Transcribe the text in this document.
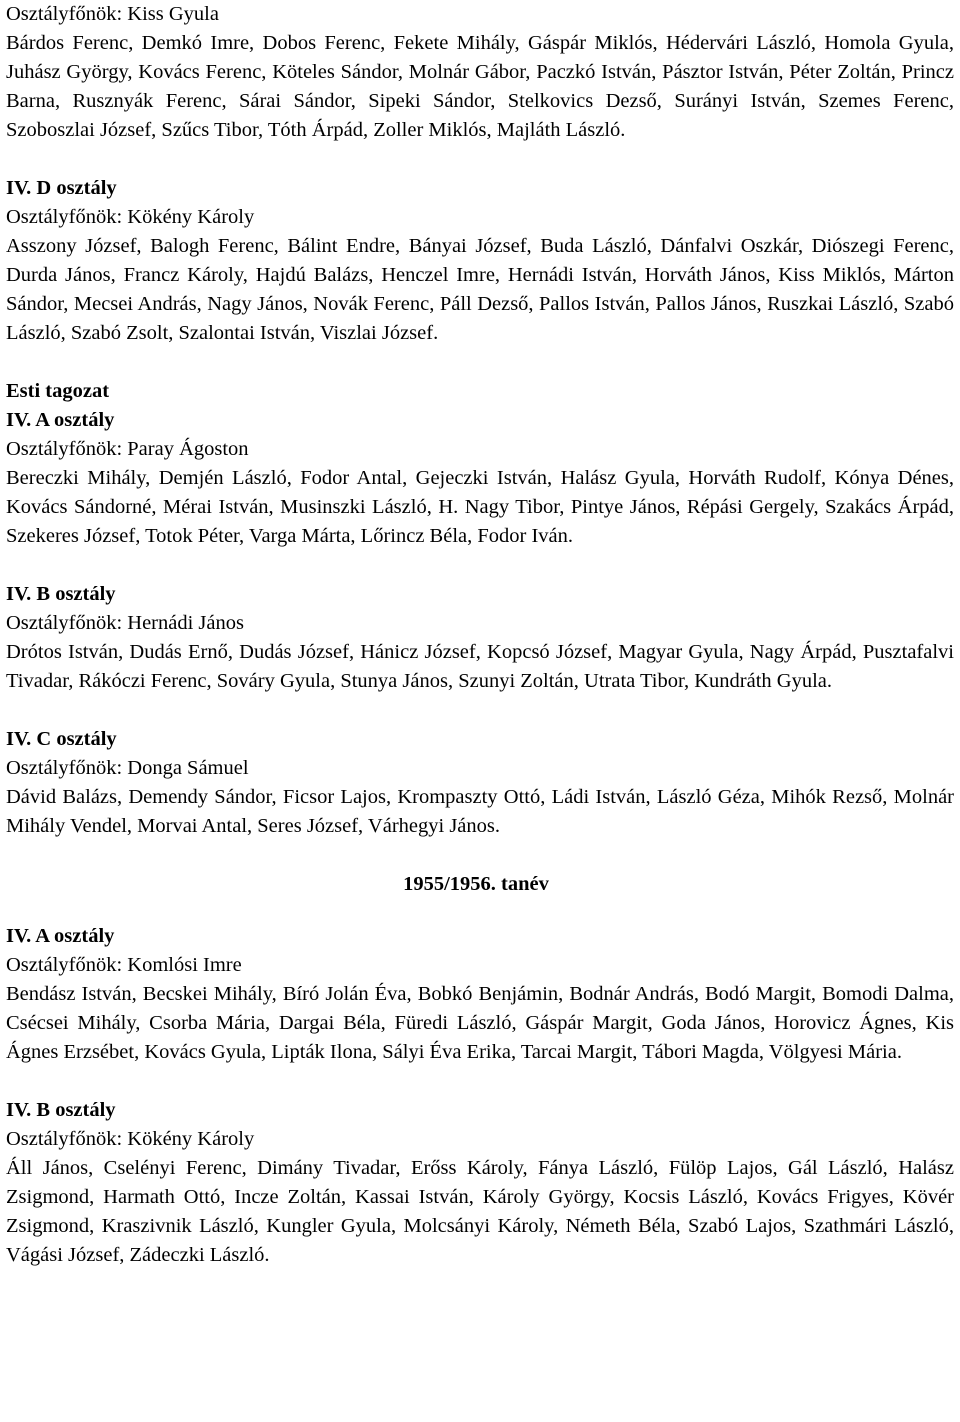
Osztályfőnök: Kiss Gyula
Bárdos Ferenc, Demkó Imre, Dobos Ferenc, Fekete Mihály, Gáspár Miklós, Hédervári László, Homola Gyula, Juhász György, Kovács Ferenc, Köteles Sándor, Molnár Gábor, Paczkó István, Pásztor István, Péter Zoltán, Princz Barna, Rusznyák Ferenc, Sárai Sándor, Sipeki Sándor, Stelkovics Dezső, Surányi István, Szemes Ferenc, Szoboszlai József, Szűcs Tibor, Tóth Árpád, Zoller Miklós, Majláth László.
IV. D osztály
Osztályfőnök: Kökény Károly
Asszony József, Balogh Ferenc, Bálint Endre, Bányai József, Buda László, Dánfalvi Oszkár, Diószegi Ferenc, Durda János, Francz Károly, Hajdú Balázs, Henczel Imre, Hernádi István, Horváth János, Kiss Miklós, Márton Sándor, Mecsei András, Nagy János, Novák Ferenc, Páll Dezső, Pallos István, Pallos János, Ruszkai László, Szabó László, Szabó Zsolt, Szalontai István, Viszlai József.
Esti tagozat
IV. A osztály
Osztályfőnök: Paray Ágoston
Bereczki Mihály, Demjén László, Fodor Antal, Gejeczki István, Halász Gyula, Horváth Rudolf, Kónya Dénes, Kovács Sándorné, Mérai István, Musinszki László, H. Nagy Tibor, Pintye János, Répási Gergely, Szakács Árpád, Szekeres József, Totok Péter, Varga Márta, Lőrincz Béla, Fodor Iván.
IV. B osztály
Osztályfőnök: Hernádi János
Drótos István, Dudás Ernő, Dudás József, Hánicz József, Kopcsó József, Magyar Gyula, Nagy Árpád, Pusztafalvi Tivadar, Rákóczi Ferenc, Sováry Gyula, Stunya János, Szunyi Zoltán, Utrata Tibor, Kundráth Gyula.
IV. C osztály
Osztályfőnök: Donga Sámuel
Dávid Balázs, Demendy Sándor, Ficsor Lajos, Krompaszty Ottó, Ládi István, László Géza, Mihók Rezső, Molnár Mihály Vendel, Morvai Antal, Seres József, Várhegyi János.
1955/1956. tanév
IV. A osztály
Osztályfőnök: Komlósi Imre
Bendász István, Becskei Mihály, Bíró Jolán Éva, Bobkó Benjámin, Bodnár András, Bodó Margit, Bomodi Dalma, Csécsei Mihály, Csorba Mária, Dargai Béla, Füredi László, Gáspár Margit, Goda János, Horovicz Ágnes, Kis Ágnes Erzsébet, Kovács Gyula, Lipták Ilona, Sályi Éva Erika, Tarcai Margit, Tábori Magda, Völgyesi Mária.
IV. B osztály
Osztályfőnök: Kökény Károly
Áll János, Cselényi Ferenc, Dimány Tivadar, Erőss Károly, Fánya László, Fülöp Lajos, Gál László, Halász Zsigmond, Harmath Ottó, Incze Zoltán, Kassai István, Károly György, Kocsis László, Kovács Frigyes, Kövér Zsigmond, Kraszivnik László, Kungler Gyula, Molcsányi Károly, Németh Béla, Szabó Lajos, Szathmári László, Vágási József, Zádeczki László.
